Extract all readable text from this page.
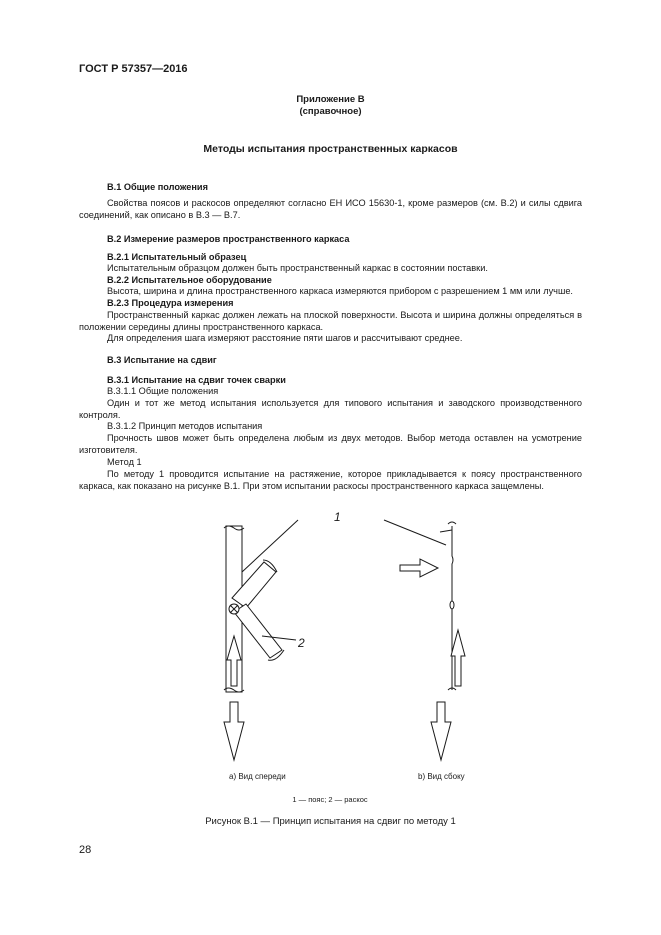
ГОСТ Р 57357—2016
Приложение В
(справочное)
Методы испытания пространственных каркасов
В.1 Общие положения
Свойства поясов и раскосов определяют согласно ЕН ИСО 15630-1, кроме размеров (см. В.2) и силы сдвига соединений, как описано в В.3 — В.7.
В.2 Измерение размеров пространственного каркаса
В.2.1 Испытательный образец
Испытательным образцом должен быть пространственный каркас в состоянии поставки.
В.2.2 Испытательное оборудование
Высота, ширина и длина пространственного каркаса измеряются прибором с разрешением 1 мм или лучше.
В.2.3 Процедура измерения
Пространственный каркас должен лежать на плоской поверхности. Высота и ширина должны определяться в положении середины длины пространственного каркаса.
Для определения шага измеряют расстояние пяти шагов и рассчитывают среднее.
В.3 Испытание на сдвиг
В.3.1 Испытание на сдвиг точек сварки
В.3.1.1 Общие положения
Один и тот же метод испытания используется для типового испытания и заводского производственного контроля.
В.3.1.2 Принцип методов испытания
Прочность швов может быть определена любым из двух методов. Выбор метода оставлен на усмотрение изготовителя.
Метод 1
По методу 1 проводится испытание на растяжение, которое прикладывается к поясу пространственного каркаса, как показано на рисунке В.1. При этом испытании раскосы пространственного каркаса защемлены.
1
2
а) Вид спереди	b) Вид сбоку
1 — пояс; 2 — раскос
Рисунок В.1 — Принцип испытания на сдвиг по методу 1
28
